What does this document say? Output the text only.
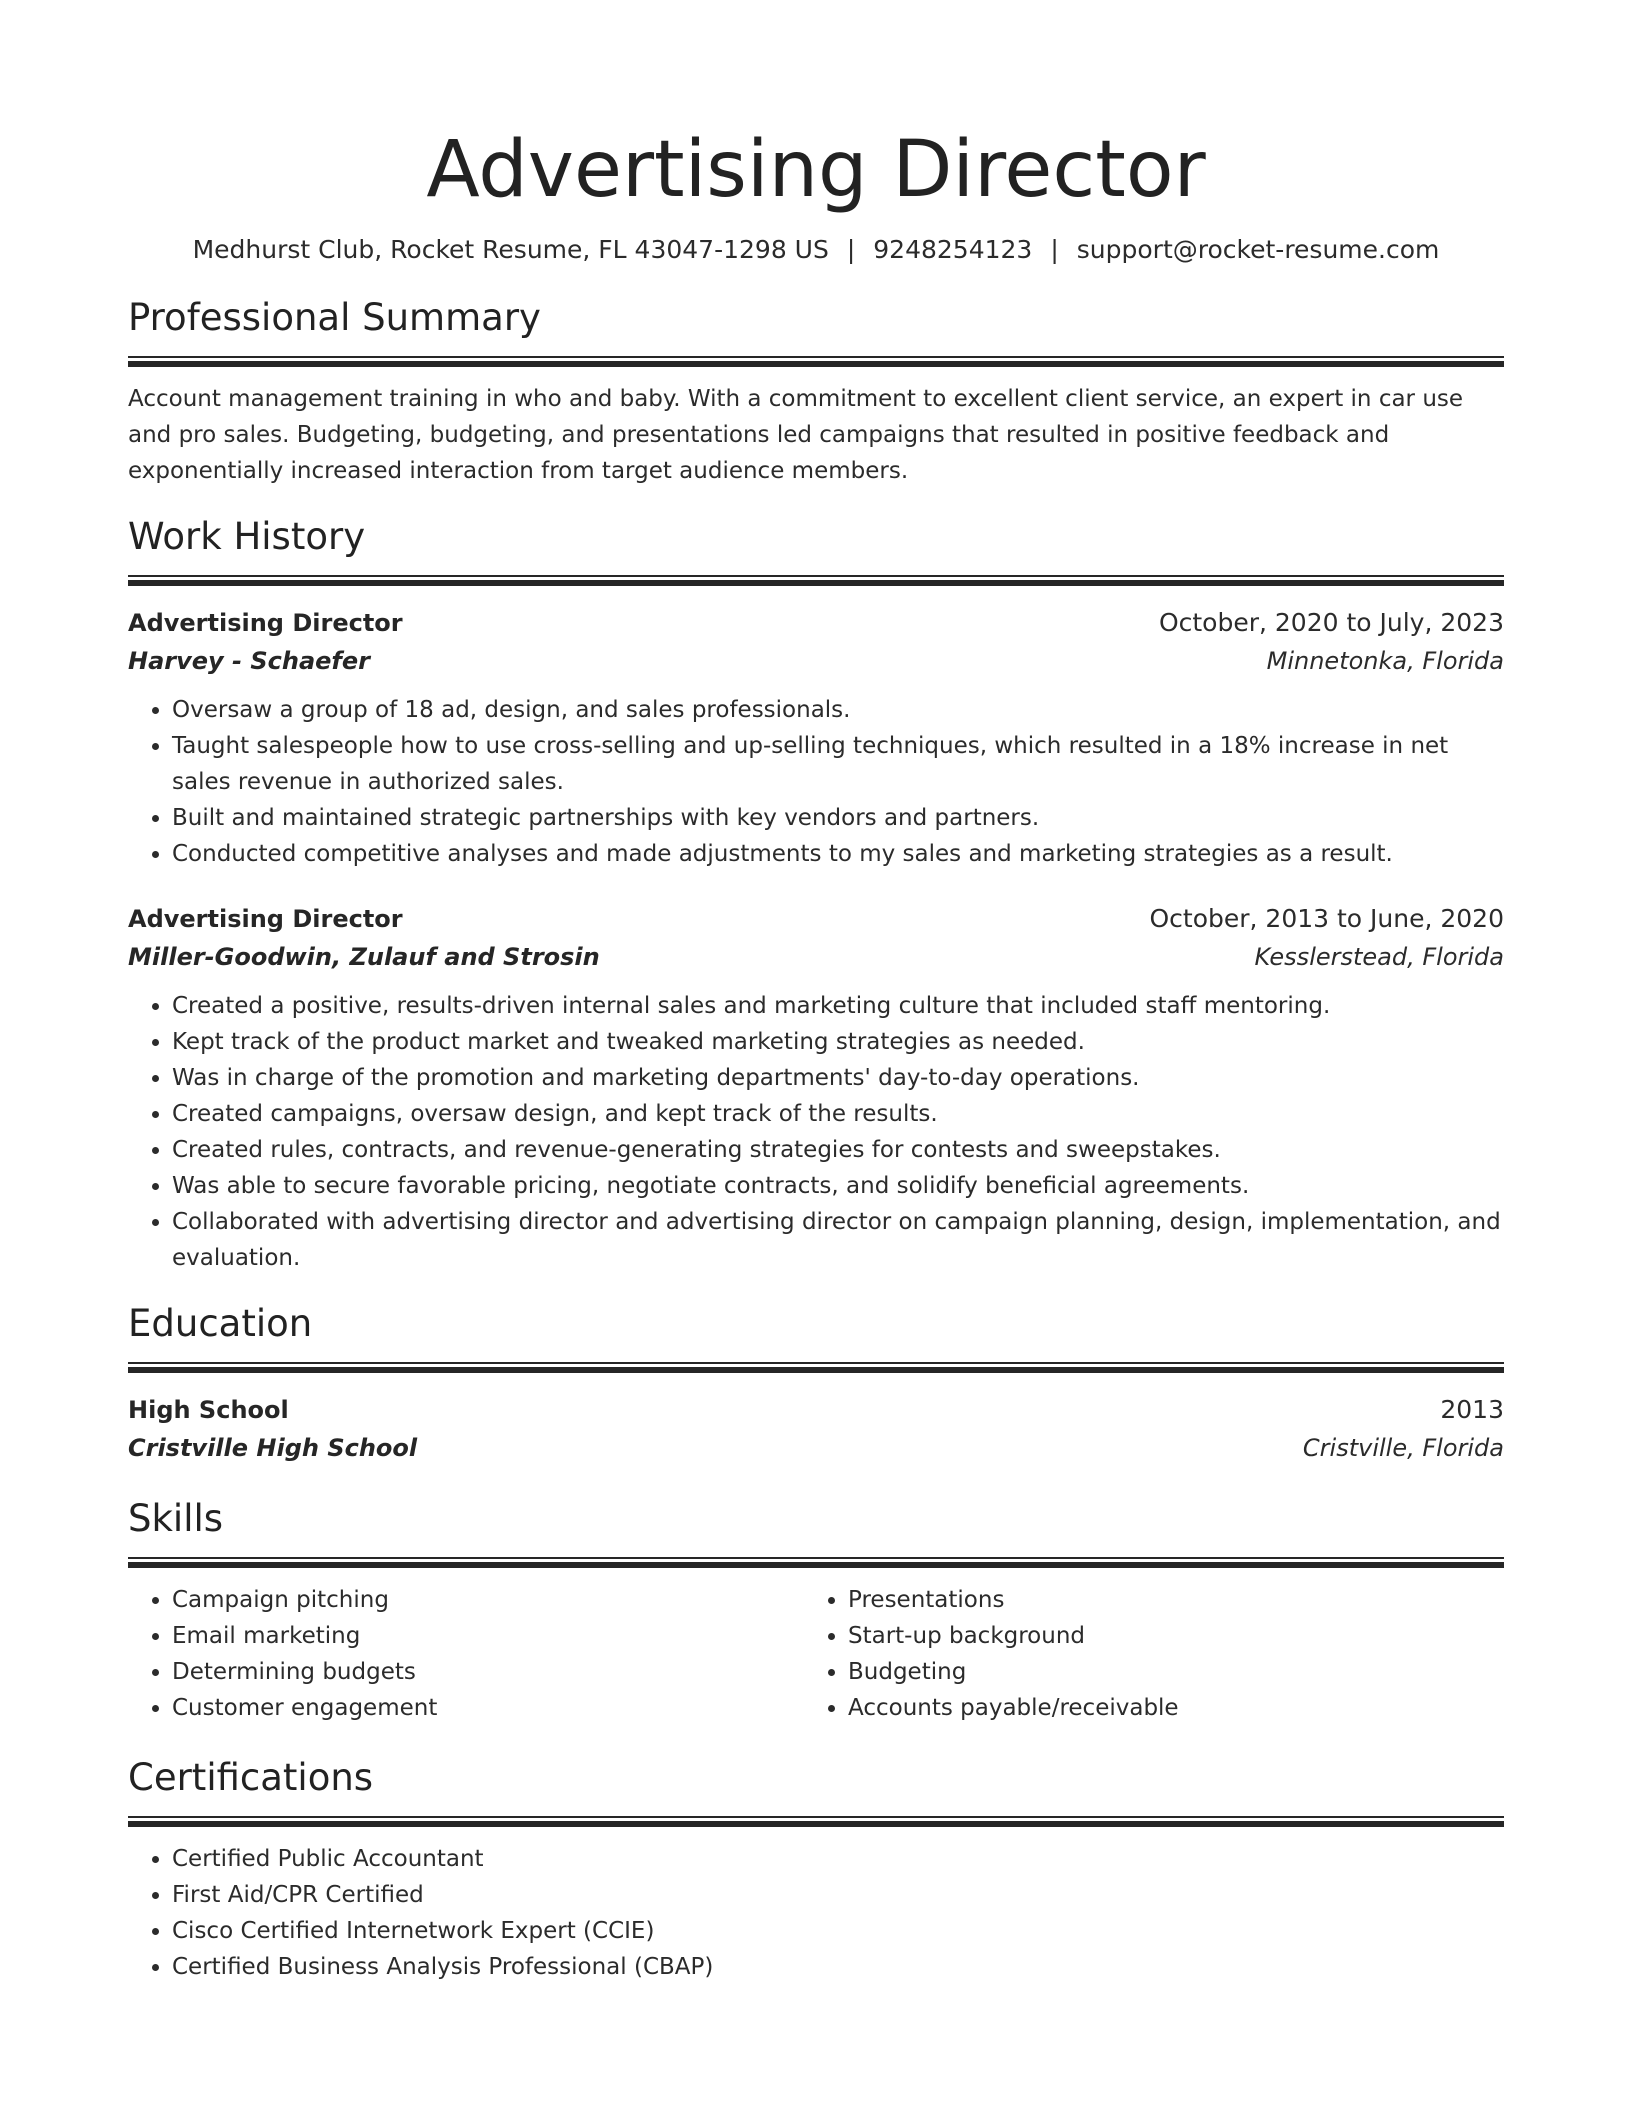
Advertising Director
Medhurst Club, Rocket Resume, FL 43047-1298 US | 9248254123 | support@rocket-resume.com
Professional Summary
Account management training in who and baby. With a commitment to excellent client service, an expert in car use and pro sales. Budgeting, budgeting, and presentations led campaigns that resulted in positive feedback and exponentially increased interaction from target audience members.
Work History
Advertising Director	October, 2020 to July, 2023
Harvey - Schaefer	Minnetonka, Florida
• Oversaw a group of 18 ad, design, and sales professionals.
• Taught salespeople how to use cross-selling and up-selling techniques, which resulted in a 18% increase in net sales revenue in authorized sales.
• Built and maintained strategic partnerships with key vendors and partners.
• Conducted competitive analyses and made adjustments to my sales and marketing strategies as a result.
Advertising Director	October, 2013 to June, 2020
Miller-Goodwin, Zulauf and Strosin	Kesslerstead, Florida
• Created a positive, results-driven internal sales and marketing culture that included staff mentoring.
• Kept track of the product market and tweaked marketing strategies as needed.
• Was in charge of the promotion and marketing departments' day-to-day operations.
• Created campaigns, oversaw design, and kept track of the results.
• Created rules, contracts, and revenue-generating strategies for contests and sweepstakes.
• Was able to secure favorable pricing, negotiate contracts, and solidify beneficial agreements.
• Collaborated with advertising director and advertising director on campaign planning, design, implementation, and evaluation.
Education
High School	2013
Cristville High School	Cristville, Florida
Skills
• Campaign pitching
• Email marketing
• Determining budgets
• Customer engagement
• Presentations
• Start-up background
• Budgeting
• Accounts payable/receivable
Certifications
• Certified Public Accountant
• First Aid/CPR Certified
• Cisco Certified Internetwork Expert (CCIE)
• Certified Business Analysis Professional (CBAP)
